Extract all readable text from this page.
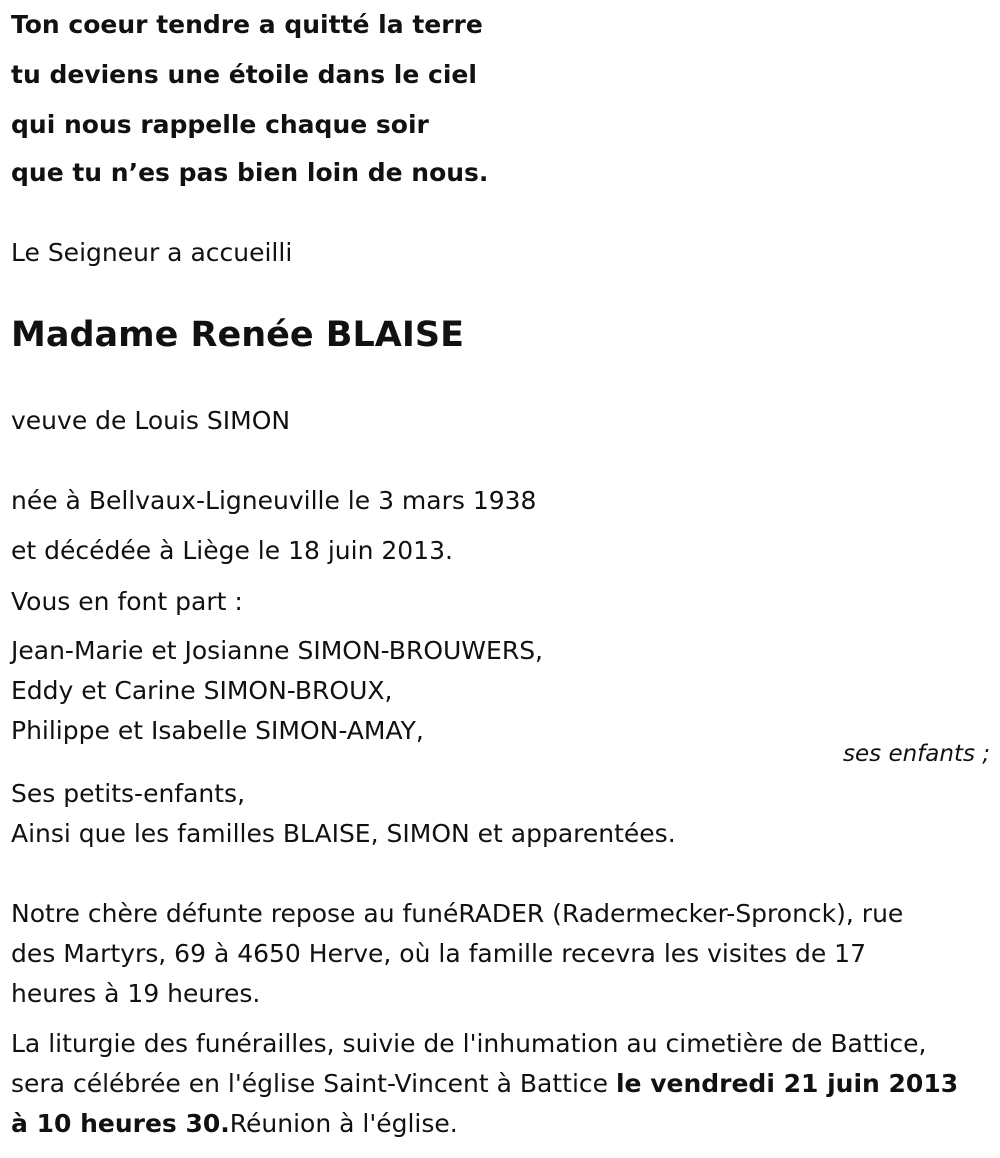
Ton coeur tendre a quitté la terre
tu deviens une étoile dans le ciel
qui nous rappelle chaque soir
que tu n’es pas bien loin de nous.
Le Seigneur a accueilli
Madame Renée BLAISE
veuve de Louis SIMON
née à Bellvaux-Ligneuville le 3 mars 1938
et décédée à Liège le 18 juin 2013.
Vous en font part :
Jean-Marie et Josianne SIMON-BROUWERS,
Eddy et Carine SIMON-BROUX,
Philippe et Isabelle SIMON-AMAY,
ses enfants ;
Ses petits-enfants,
Ainsi que les familles BLAISE, SIMON et apparentées.
Notre chère défunte repose au funéRADER (Radermecker-Spronck), rue
des Martyrs, 69 à 4650 Herve, où la famille recevra les visites de 17
heures à 19 heures.
La liturgie des funérailles, suivie de l'inhumation au cimetière de Battice,
sera célébrée en l'église Saint-Vincent à Battice le vendredi 21 juin 2013
à 10 heures 30.Réunion à l'église.
